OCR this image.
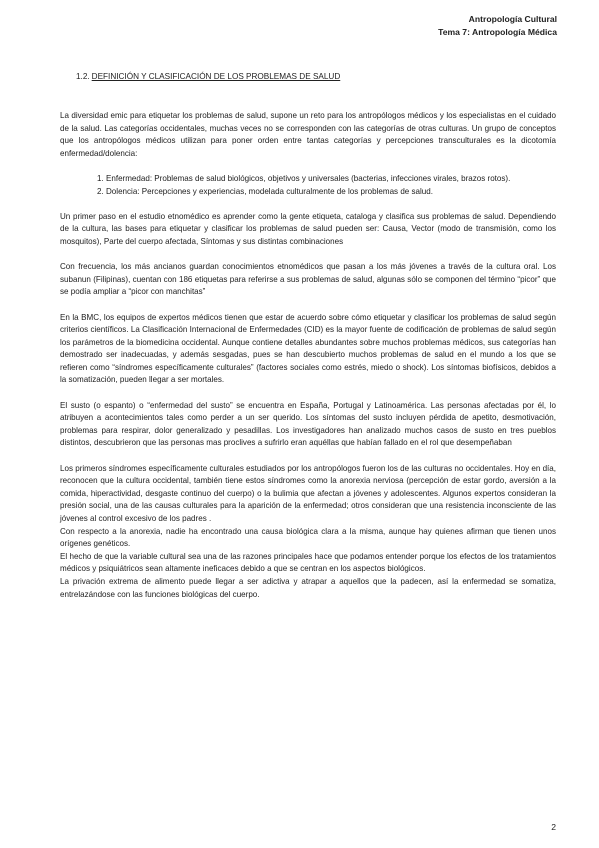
Antropología Cultural
Tema 7: Antropología Médica
1.2. DEFINICIÓN Y CLASIFICACIÓN DE LOS PROBLEMAS DE SALUD

La diversidad emic para etiquetar los problemas de salud, supone un reto para los antropólogos médicos y los especialistas en el cuidado de la salud. Las categorías occidentales, muchas veces no se corresponden con las categorías de otras culturas. Un grupo de conceptos que los antropólogos médicos utilizan para poner orden entre tantas categorías y percepciones transculturales es la dicotomía enfermedad/dolencia:

1. Enfermedad: Problemas de salud biológicos, objetivos y universales (bacterias, infecciones virales, brazos rotos).
2. Dolencia: Percepciones y experiencias, modelada culturalmente de los problemas de salud.

Un primer paso en el estudio etnomédico es aprender como la gente etiqueta, cataloga y clasifica sus problemas de salud. Dependiendo de la cultura, las bases para etiquetar y clasificar los problemas de salud pueden ser: Causa, Vector (modo de transmisión, como los mosquitos), Parte del cuerpo afectada, Síntomas y sus distintas combinaciones

Con frecuencia, los más ancianos guardan conocimientos etnomédicos que pasan a los más jóvenes a través de la cultura oral. Los subanun (Filipinas), cuentan con 186 etiquetas para referirse a sus problemas de salud, algunas sólo se componen del término “picor” que se podía ampliar a “picor con manchitas”

En la BMC, los equipos de expertos médicos tienen que estar de acuerdo sobre cómo etiquetar y clasificar los problemas de salud según criterios científicos. La Clasificación Internacional de Enfermedades (CID) es la mayor fuente de codificación de problemas de salud según los parámetros de la biomedicina occidental. Aunque contiene detalles abundantes sobre muchos problemas médicos, sus categorías han demostrado ser inadecuadas, y además sesgadas, pues se han descubierto muchos problemas de salud en el mundo a los que se refieren como “síndromes específicamente culturales” (factores sociales como estrés, miedo o shock). Los síntomas biofísicos, debidos a la somatización, pueden llegar a ser mortales.

El susto (o espanto) o “enfermedad del susto” se encuentra en España, Portugal y Latinoamérica. Las personas afectadas por él, lo atribuyen a acontecimientos tales como perder a un ser querido. Los síntomas del susto incluyen pérdida de apetito, desmotivación, problemas para respirar, dolor generalizado y pesadillas. Los investigadores han analizado muchos casos de susto en tres pueblos distintos, descubrieron que las personas mas proclives a sufrirlo eran aquéllas que habían fallado en el rol que desempeñaban

Los primeros síndromes específicamente culturales estudiados por los antropólogos fueron los de las culturas no occidentales. Hoy en día, reconocen que la cultura occidental, también tiene estos síndromes como la anorexia nerviosa (percepción de estar gordo, aversión a la comida, hiperactividad, desgaste continuo del cuerpo) o la bulimia que afectan a jóvenes y adolescentes. Algunos expertos consideran la presión social, una de las causas culturales para la aparición de la enfermedad; otros consideran que una resistencia inconsciente de las jóvenes al control excesivo de los padres .

Con respecto a la anorexia, nadie ha encontrado una causa biológica clara a la misma, aunque hay quienes afirman que tienen unos orígenes genéticos.

El hecho de que la variable cultural sea una de las razones principales hace que podamos entender porque los efectos de los tratamientos médicos y psiquiátricos sean altamente ineficaces debido a que se centran en los aspectos biológicos.

La privación extrema de alimento puede llegar a ser adictiva y atrapar a aquellos que la padecen, así la enfermedad se somatiza, entrelazándose con las funciones biológicas del cuerpo.

2
